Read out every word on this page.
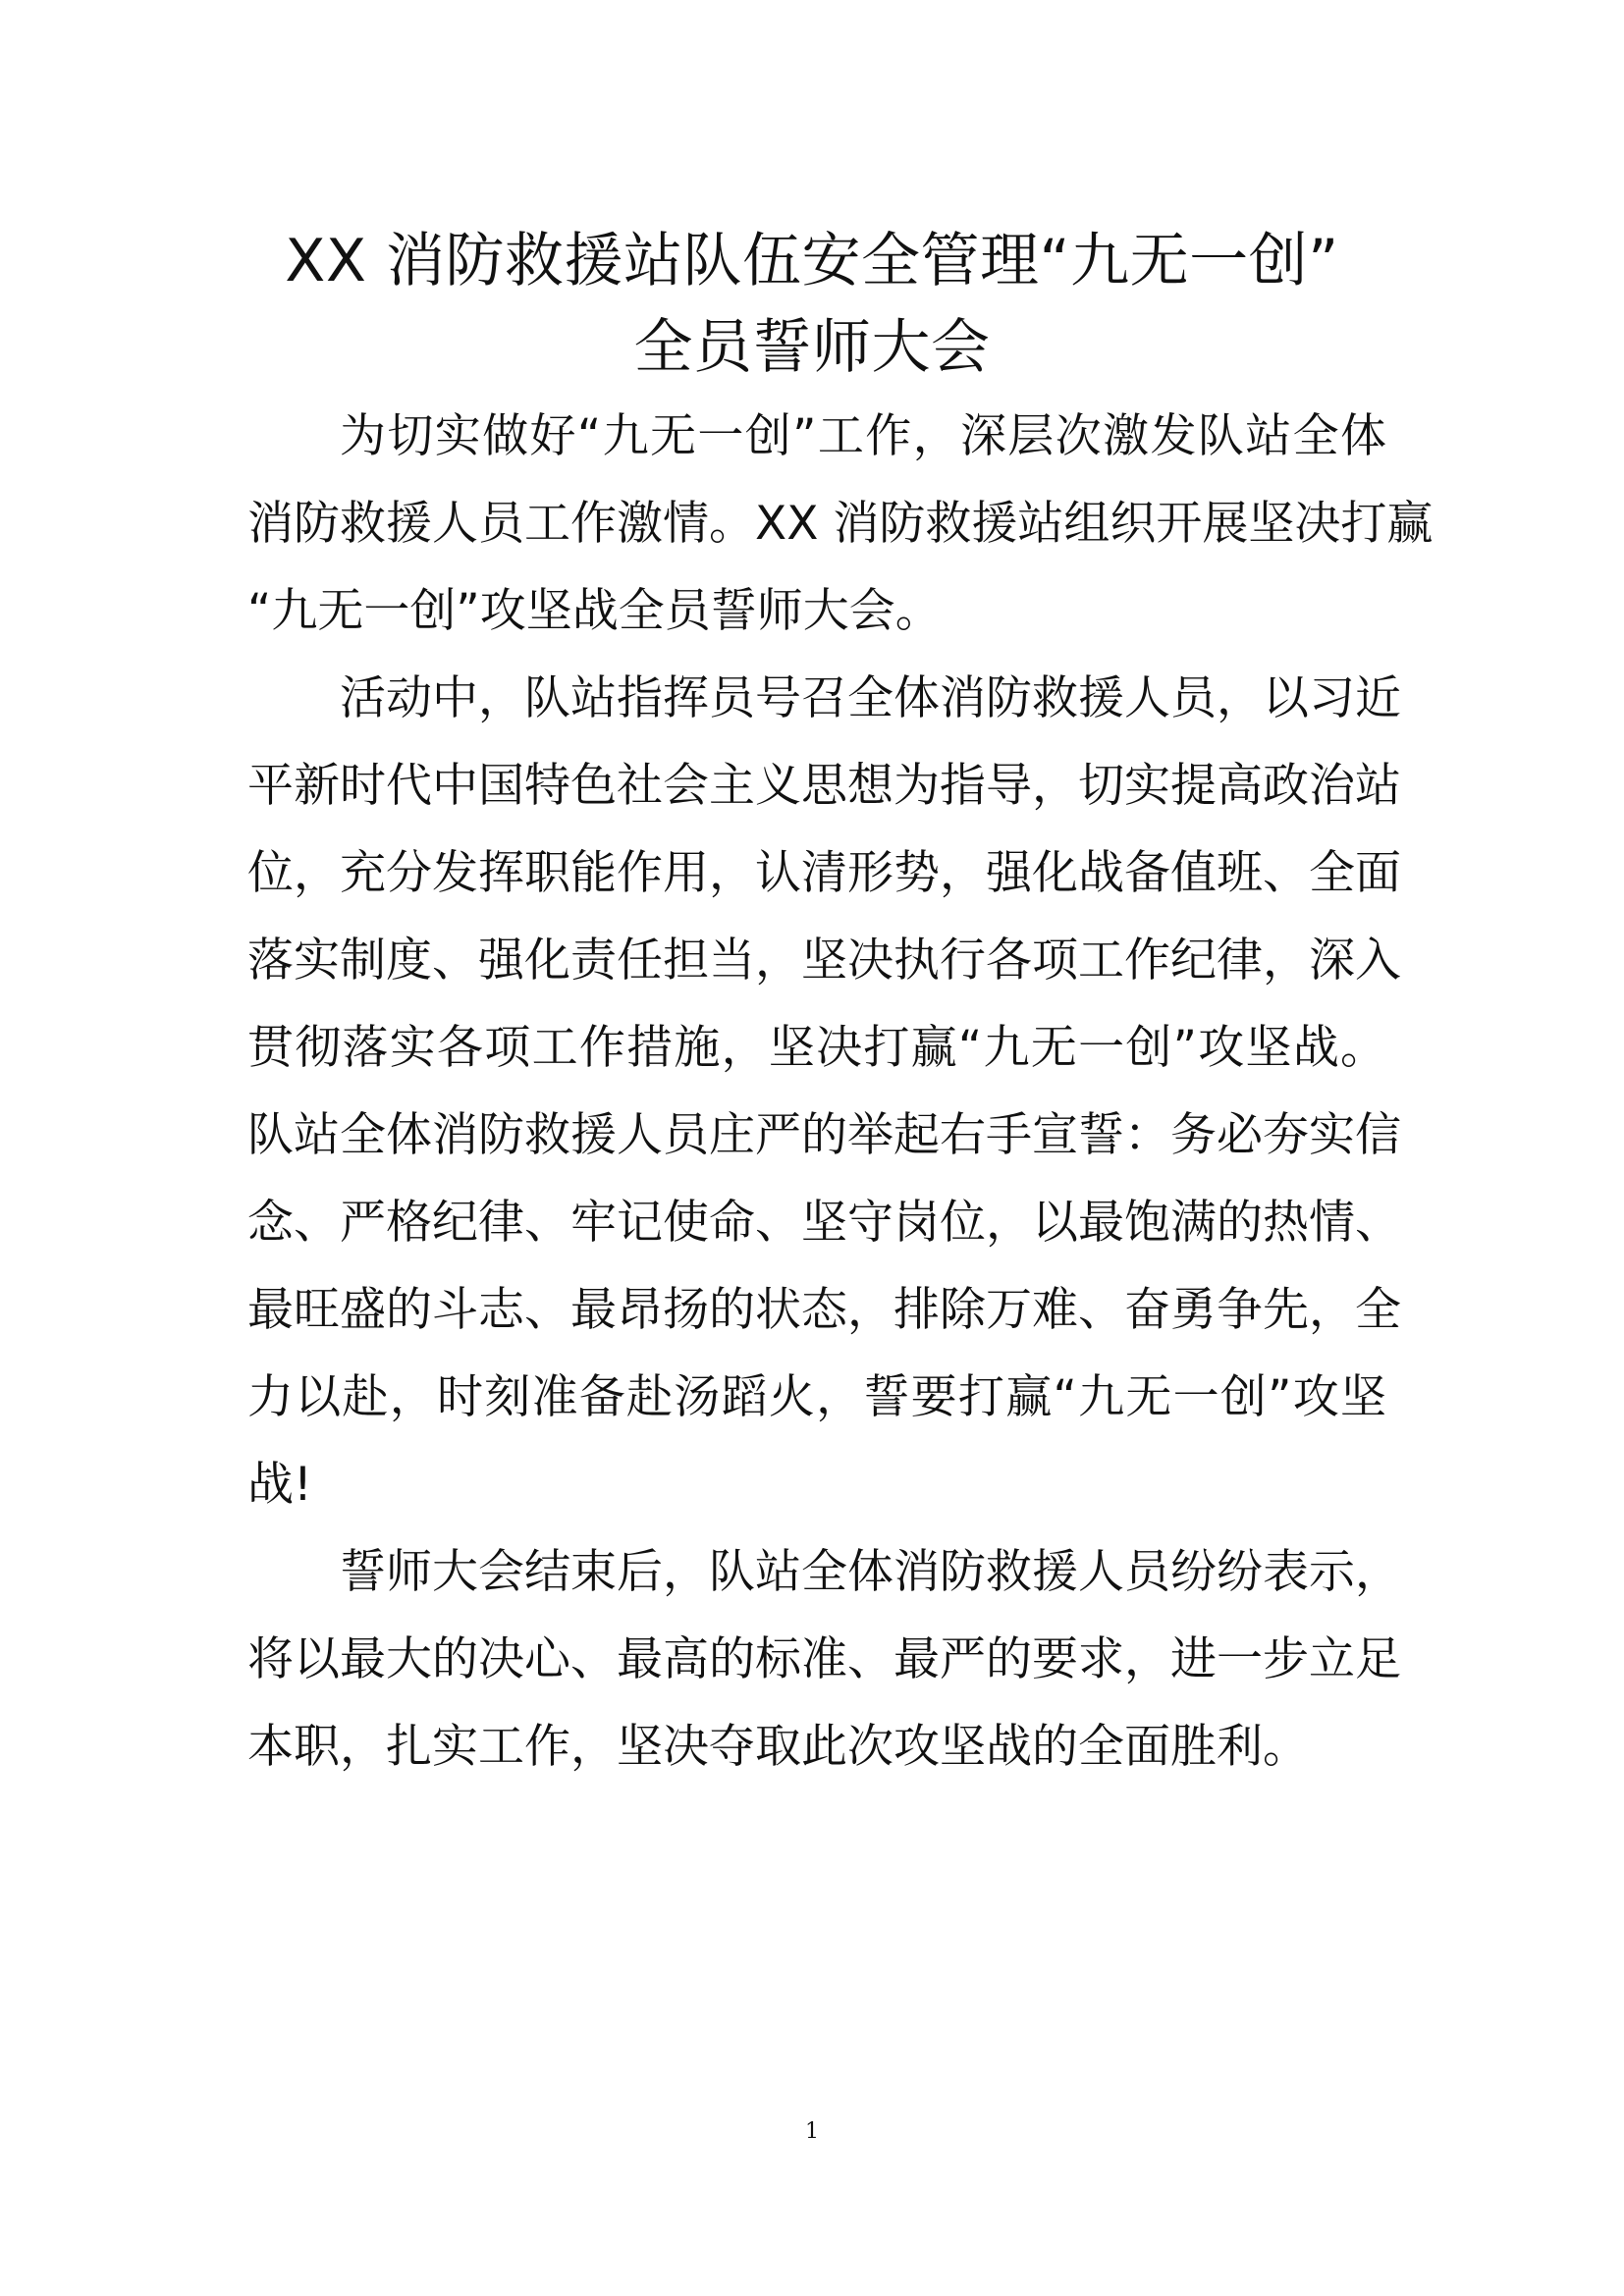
XX 消防救援站队伍安全管理“九无一创”
全员誓师大会

为切实做好“九无一创”工作，深层次激发队站全体
消防救援人员工作激情。XX 消防救援站组织开展坚决打赢
“九无一创”攻坚战全员誓师大会。

活动中，队站指挥员号召全体消防救援人员，以习近
平新时代中国特色社会主义思想为指导，切实提高政治站
位，充分发挥职能作用，认清形势，强化战备值班、全面
落实制度、强化责任担当，坚决执行各项工作纪律，深入
贯彻落实各项工作措施，坚决打赢“九无一创”攻坚战。
队站全体消防救援人员庄严的举起右手宣誓：务必夯实信
念、严格纪律、牢记使命、坚守岗位，以最饱满的热情、
最旺盛的斗志、最昂扬的状态，排除万难、奋勇争先，全
力以赴，时刻准备赴汤蹈火，誓要打赢“九无一创”攻坚
战!

誓师大会结束后，队站全体消防救援人员纷纷表示，
将以最大的决心、最高的标准、最严的要求，进一步立足
本职，扎实工作，坚决夺取此次攻坚战的全面胜利。

1
